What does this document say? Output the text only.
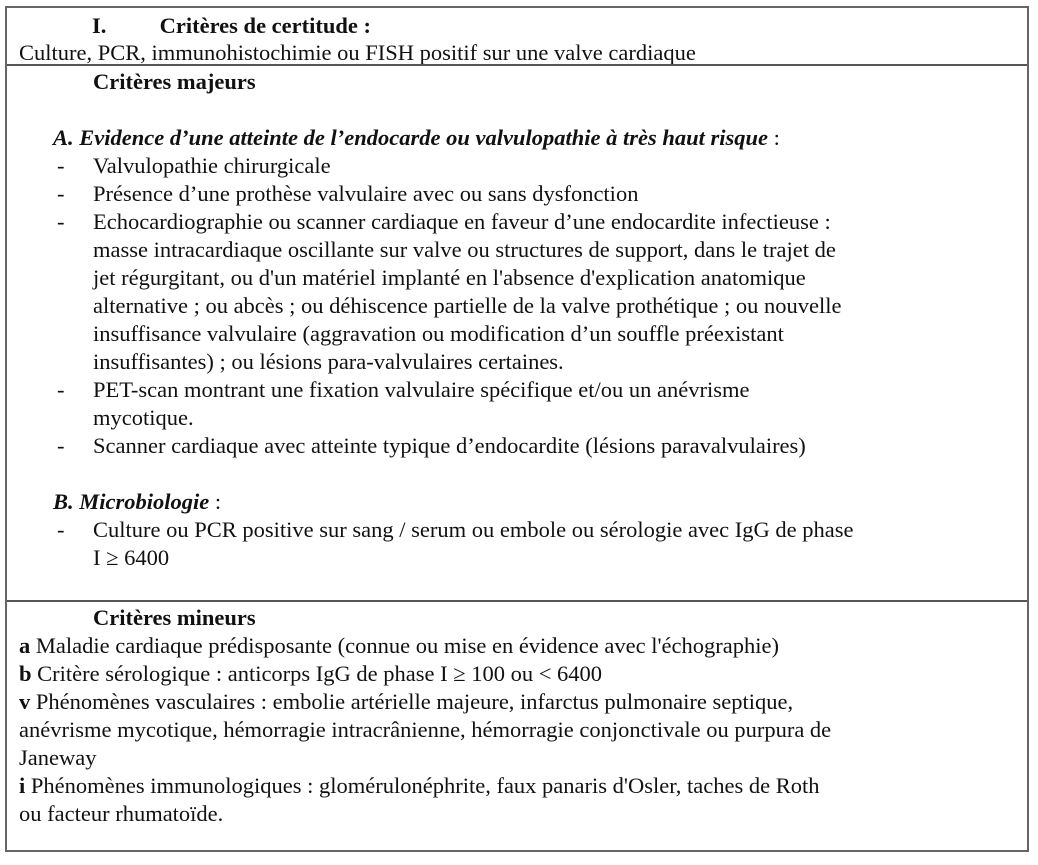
I. Critères de certitude :
Culture, PCR, immunohistochimie ou FISH positif sur une valve cardiaque
Critères majeurs
A. Evidence d’une atteinte de l’endocarde ou valvulopathie à très haut risque :
- Valvulopathie chirurgicale
- Présence d’une prothèse valvulaire avec ou sans dysfonction
- Echocardiographie ou scanner cardiaque en faveur d’une endocardite infectieuse :
masse intracardiaque oscillante sur valve ou structures de support, dans le trajet de
jet régurgitant, ou d'un matériel implanté en l'absence d'explication anatomique
alternative ; ou abcès ; ou déhiscence partielle de la valve prothétique ; ou nouvelle
insuffisance valvulaire (aggravation ou modification d’un souffle préexistant
insuffisantes) ; ou lésions para-valvulaires certaines.
- PET-scan montrant une fixation valvulaire spécifique et/ou un anévrisme
mycotique.
- Scanner cardiaque avec atteinte typique d’endocardite (lésions paravalvulaires)
B. Microbiologie :
- Culture ou PCR positive sur sang / serum ou embole ou sérologie avec IgG de phase
I ≥ 6400
Critères mineurs
a Maladie cardiaque prédisposante (connue ou mise en évidence avec l'échographie)
b Critère sérologique : anticorps IgG de phase I ≥ 100 ou < 6400
v Phénomènes vasculaires : embolie artérielle majeure, infarctus pulmonaire septique,
anévrisme mycotique, hémorragie intracrânienne, hémorragie conjonctivale ou purpura de
Janeway
i Phénomènes immunologiques : glomérulonéphrite, faux panaris d'Osler, taches de Roth
ou facteur rhumatoïde.
